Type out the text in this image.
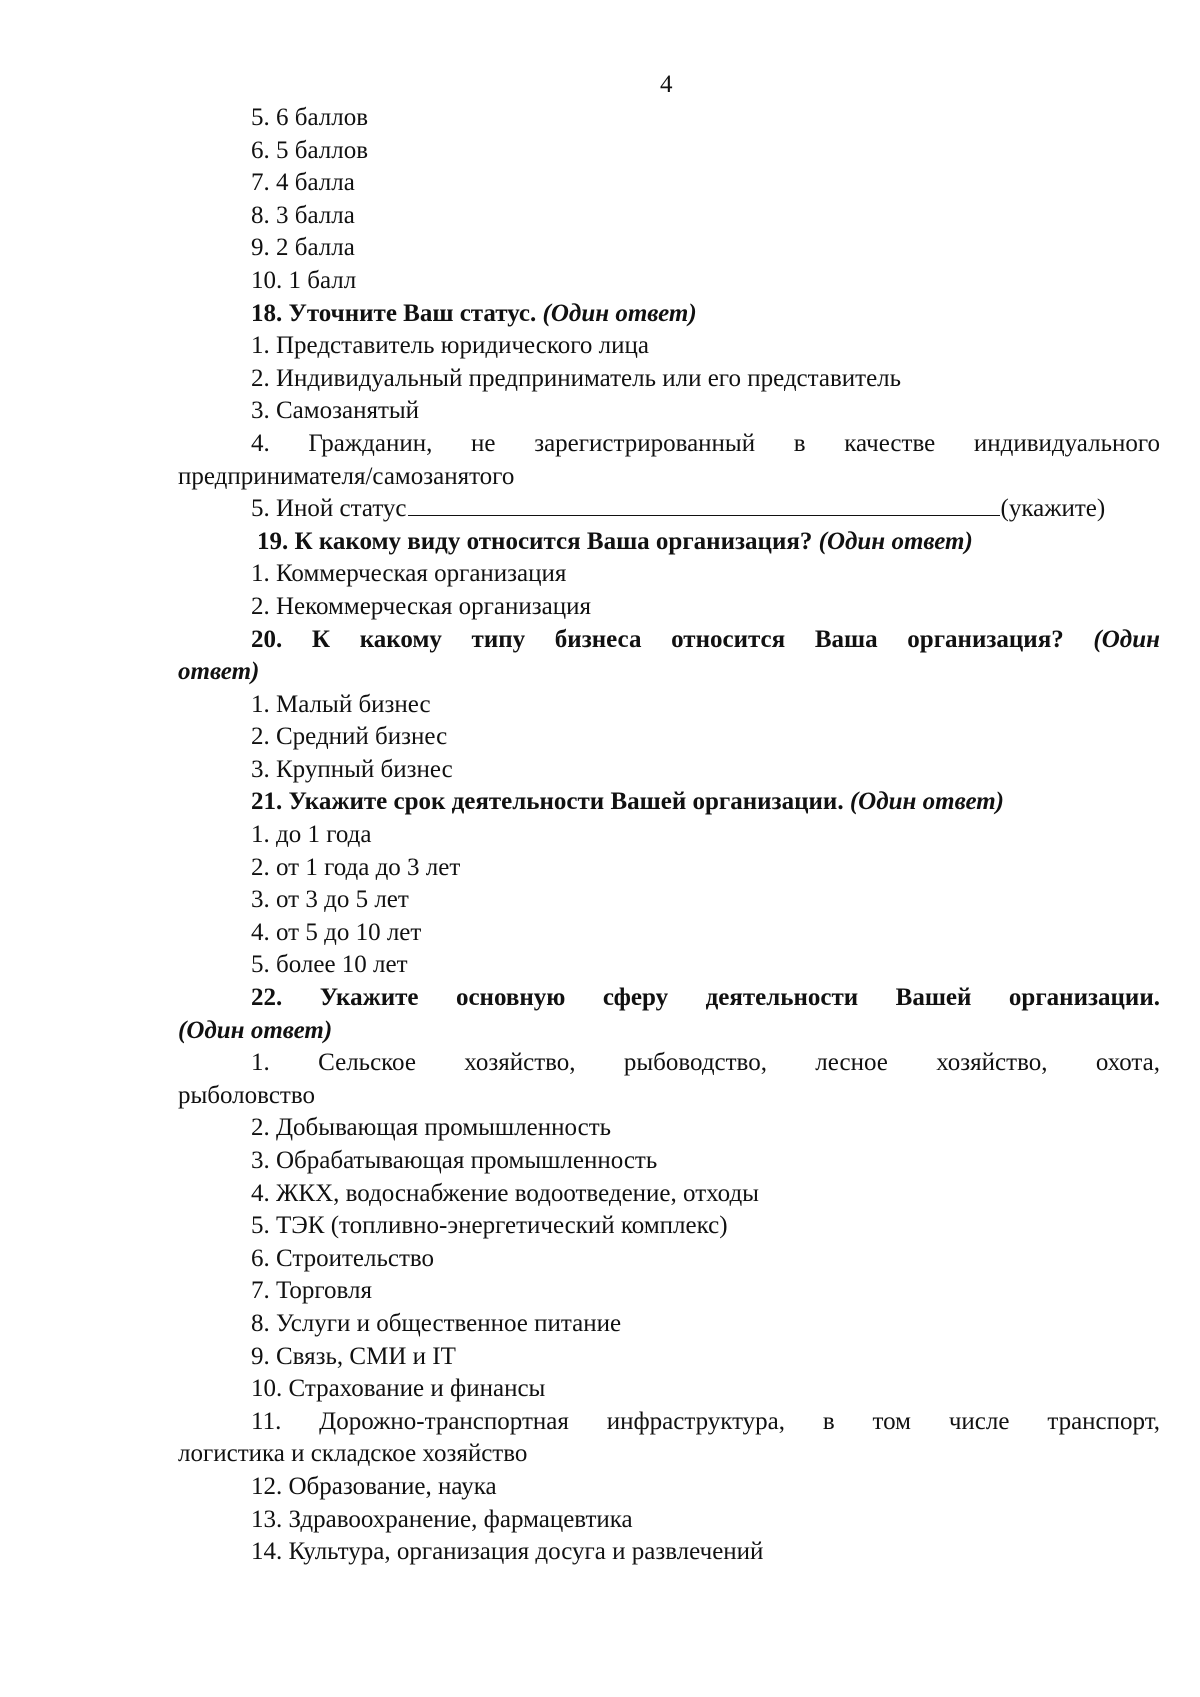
4
5. 6 баллов
6. 5 баллов
7. 4 балла
8. 3 балла
9. 2 балла
10. 1 балл
18. Уточните Ваш статус. (Один ответ)
1. Представитель юридического лица
2. Индивидуальный предприниматель или его представитель
3. Самозанятый
4. Гражданин, не зарегистрированный в качестве индивидуального
предпринимателя/самозанятого
5. Иной статус	(укажите)
19. К какому виду относится Ваша организация? (Один ответ)
1. Коммерческая организация
2. Некоммерческая организация
20. К какому типу бизнеса относится Ваша организация? (Один
ответ)
1. Малый бизнес
2. Средний бизнес
3. Крупный бизнес
21. Укажите срок деятельности Вашей организации. (Один ответ)
1. до 1 года
2. от 1 года до 3 лет
3. от 3 до 5 лет
4. от 5 до 10 лет
5. более 10 лет
22. Укажите основную сферу деятельности Вашей организации.
(Один ответ)
1. Сельское хозяйство, рыбоводство, лесное хозяйство, охота,
рыболовство
2. Добывающая промышленность
3. Обрабатывающая промышленность
4. ЖКХ, водоснабжение водоотведение, отходы
5. ТЭК (топливно-энергетический комплекс)
6. Строительство
7. Торговля
8. Услуги и общественное питание
9. Связь, СМИ и IT
10. Страхование и финансы
11. Дорожно-транспортная инфраструктура, в том числе транспорт,
логистика и складское хозяйство
12. Образование, наука
13. Здравоохранение, фармацевтика
14. Культура, организация досуга и развлечений
